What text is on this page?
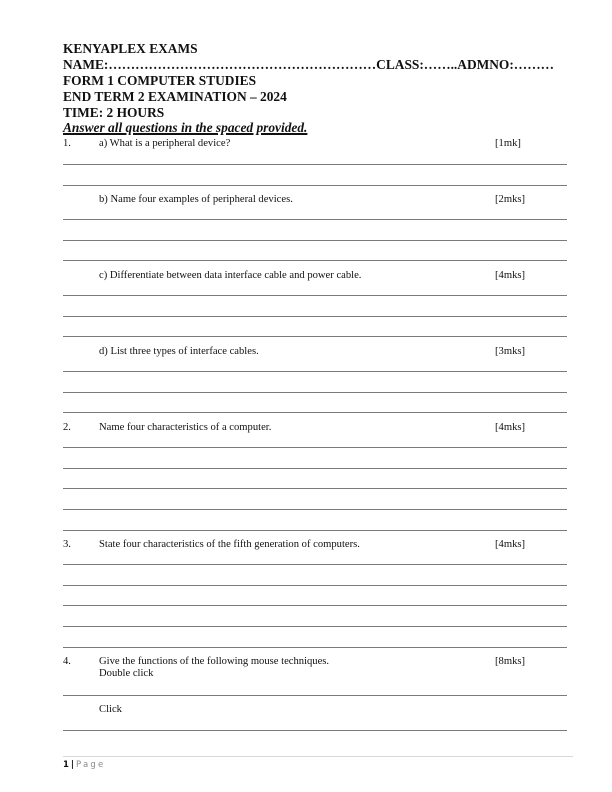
KENYAPLEX EXAMS
NAME:……………………………………………………CLASS:……..ADMNO:………
FORM 1 COMPUTER STUDIES
END TERM 2 EXAMINATION – 2024
TIME: 2 HOURS
Answer all questions in the spaced provided.
1.	a) What is a peripheral device?	[1mk]
b) Name four examples of peripheral devices.	[2mks]
c) Differentiate between data interface cable and power cable.	[4mks]
d) List three types of interface cables.	[3mks]
2.	Name four characteristics of a computer.	[4mks]
3.	State four characteristics of the fifth generation of computers.	[4mks]
4.	Give the functions of the following mouse techniques.	[8mks]
Double click
Click
1 | Page
